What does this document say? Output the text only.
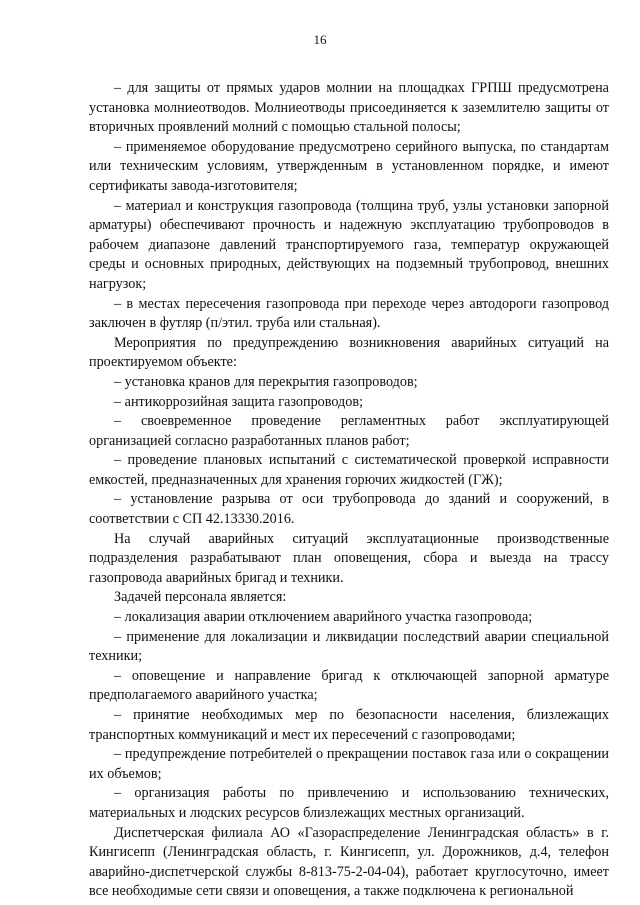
16

– для защиты от прямых ударов молнии на площадках ГРПШ предусмотрена установка молниеотводов. Молниеотводы присоединяется к заземлителю защиты от вторичных проявлений молний с помощью стальной полосы;

– применяемое оборудование предусмотрено серийного выпуска, по стандартам или техническим условиям, утвержденным в установленном порядке, и имеют сертификаты завода-изготовителя;

– материал и конструкция газопровода (толщина труб, узлы установки запорной арматуры) обеспечивают прочность и надежную эксплуатацию трубопроводов в рабочем диапазоне давлений транспортируемого газа, температур окружающей среды и основных природных, действующих на подземный трубопровод, внешних нагрузок;

– в местах пересечения газопровода при переходе через автодороги газопровод заключен в футляр (п/этил. труба или стальная).

Мероприятия по предупреждению возникновения аварийных ситуаций на проектируемом объекте:

– установка кранов для перекрытия газопроводов;

– антикоррозийная защита газопроводов;

– своевременное проведение регламентных работ эксплуатирующей организацией согласно разработанных планов работ;

– проведение плановых испытаний с систематической проверкой исправности емкостей, предназначенных для хранения горючих жидкостей (ГЖ);

– установление разрыва от оси трубопровода до зданий и сооружений, в соответствии с СП 42.13330.2016.

На случай аварийных ситуаций эксплуатационные производственные подразделения разрабатывают план оповещения, сбора и выезда на трассу газопровода аварийных бригад и техники.

Задачей персонала является:

– локализация аварии отключением аварийного участка газопровода;

– применение для локализации и ликвидации последствий аварии специальной техники;

– оповещение и направление бригад к отключающей запорной арматуре предполагаемого аварийного участка;

– принятие необходимых мер по безопасности населения, близлежащих транспортных коммуникаций и мест их пересечений с газопроводами;

– предупреждение потребителей о прекращении поставок газа или о сокращении их объемов;

– организация работы по привлечению и использованию технических, материальных и людских ресурсов близлежащих местных организаций.

Диспетчерская филиала АО «Газораспределение Ленинградская область» в г. Кингисепп (Ленинградская область, г. Кингисепп, ул. Дорожников, д.4, телефон аварийно-диспетчерской службы 8-813-75-2-04-04), работает круглосуточно, имеет все необходимые сети связи и оповещения, а также подключена к региональной
